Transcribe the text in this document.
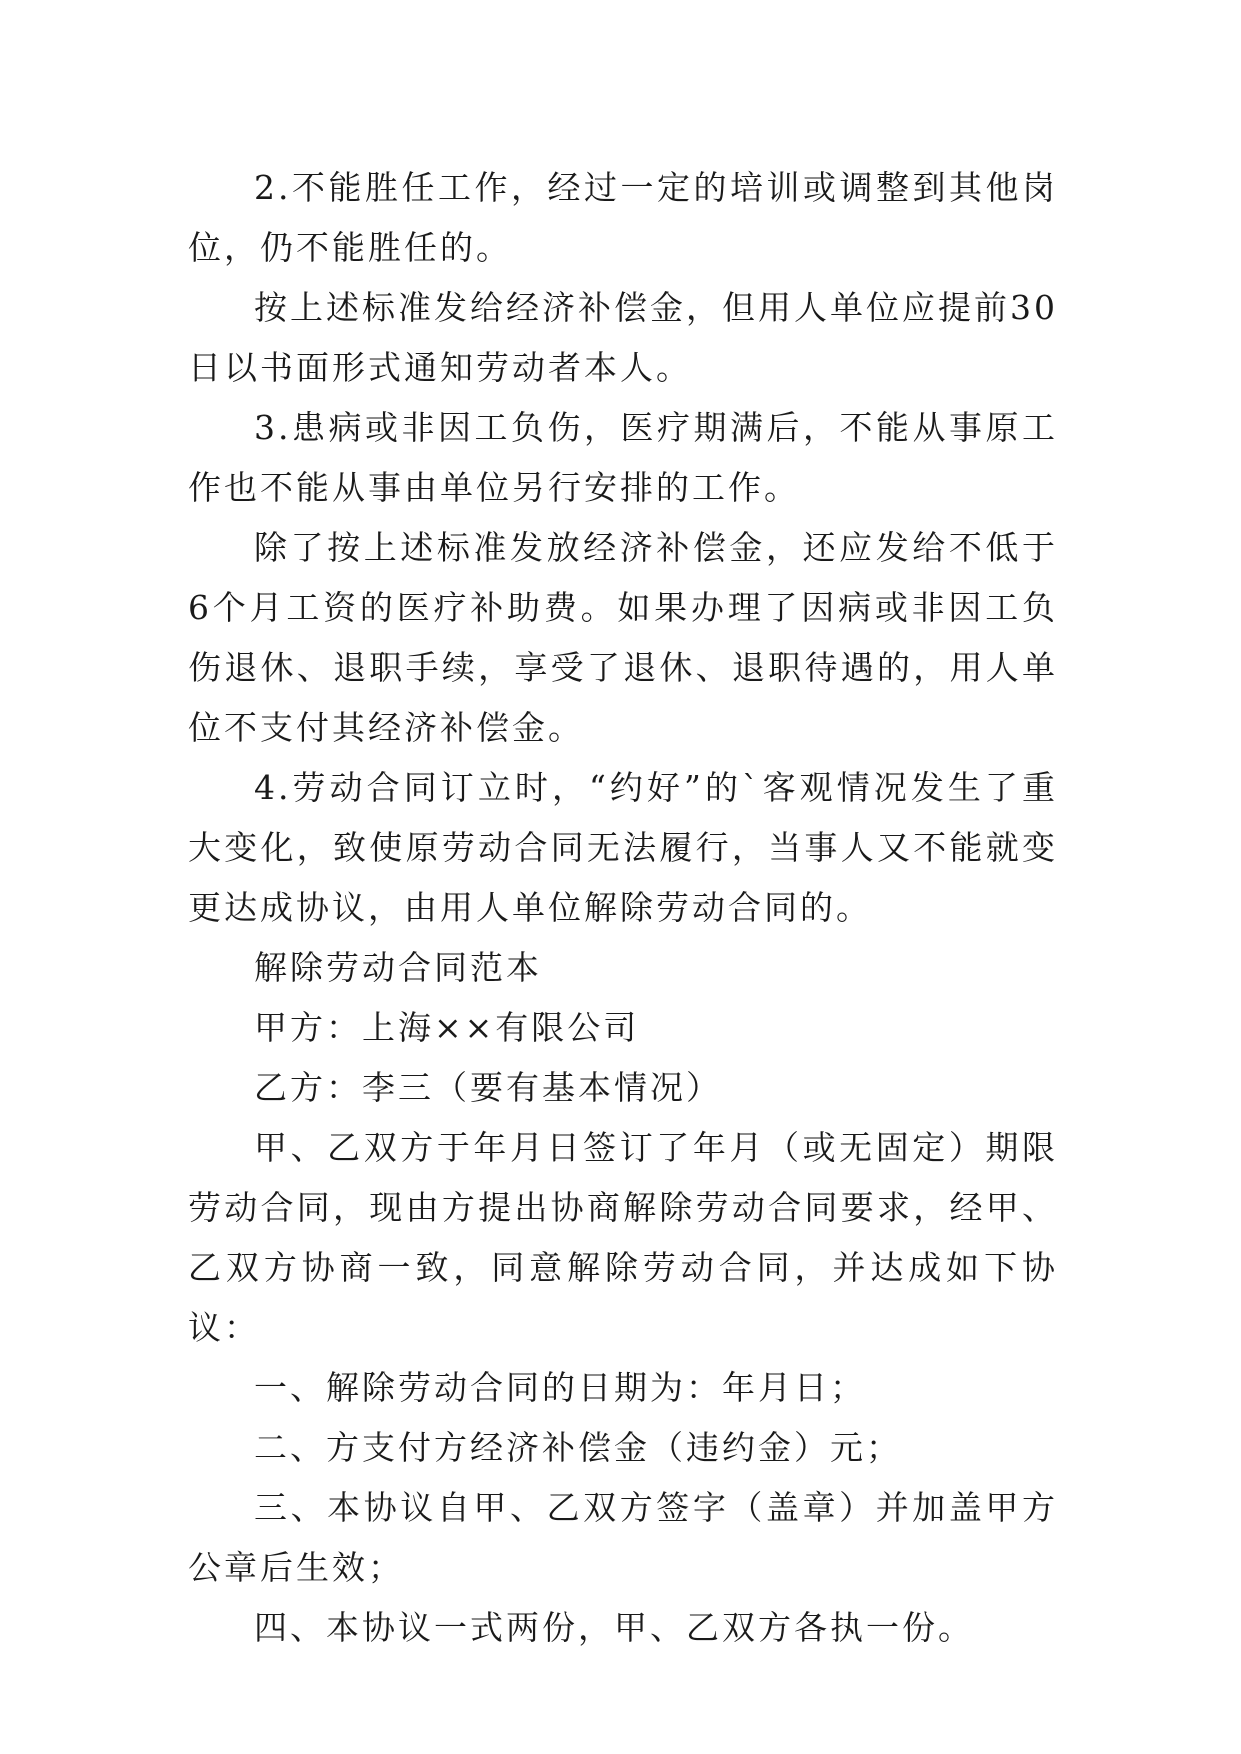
2.不能胜任工作，经过一定的培训或调整到其他岗位，仍不能胜任的。

按上述标准发给经济补偿金，但用人单位应提前30日以书面形式通知劳动者本人。

3.患病或非因工负伤，医疗期满后，不能从事原工作也不能从事由单位另行安排的工作。

除了按上述标准发放经济补偿金，还应发给不低于6个月工资的医疗补助费。如果办理了因病或非因工负伤退休、退职手续，享受了退休、退职待遇的，用人单位不支付其经济补偿金。

4.劳动合同订立时，“约好”的`客观情况发生了重大变化，致使原劳动合同无法履行，当事人又不能就变更达成协议，由用人单位解除劳动合同的。

解除劳动合同范本

甲方：上海××有限公司

乙方：李三（要有基本情况）

甲、乙双方于年月日签订了年月（或无固定）期限劳动合同，现由方提出协商解除劳动合同要求，经甲、乙双方协商一致，同意解除劳动合同，并达成如下协议：

一、解除劳动合同的日期为：年月日；

二、方支付方经济补偿金（违约金）元；

三、本协议自甲、乙双方签字（盖章）并加盖甲方公章后生效；

四、本协议一式两份，甲、乙双方各执一份。
